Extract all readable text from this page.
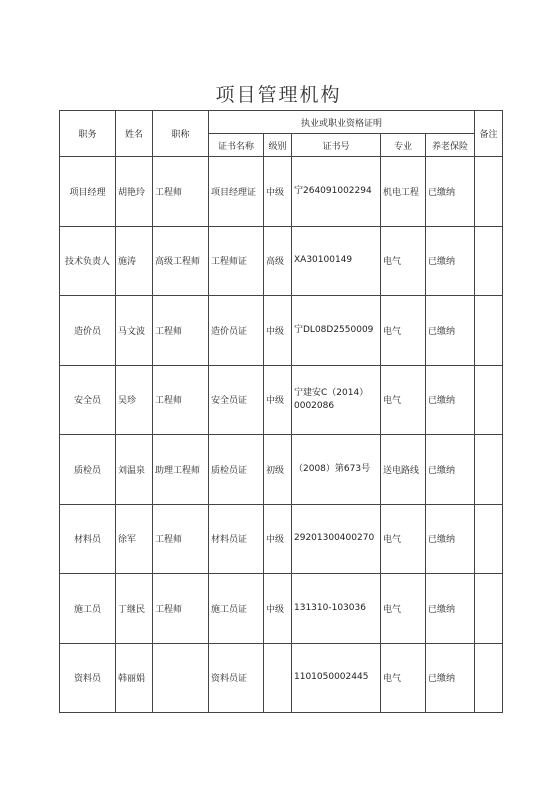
项目管理机构
职务	姓名	职称	执业或职业资格证明					备注
			证书名称	级别	证书号	专业	养老保险	
项目经理	胡艳玲	工程师	项目经理证	中级	宁264091002294	机电工程	已缴纳	
技术负责人	施涛	高级工程师	工程师证	高级	XA30100149	电气	已缴纳	
造价员	马文波	工程师	造价员证	中级	宁DL08D2550009	电气	已缴纳	
安全员	吴珍	工程师	安全员证	中级	宁建安C（2014）0002086	电气	已缴纳	
质检员	刘温泉	助理工程师	质检员证	初级	（2008）第673号	送电路线	已缴纳	
材料员	徐军	工程师	材料员证	中级	29201300400270	电气	已缴纳	
施工员	丁继民	工程师	施工员证	中级	131310-103036	电气	已缴纳	
资料员	韩丽娟		资料员证		1101050002445	电气	已缴纳	
